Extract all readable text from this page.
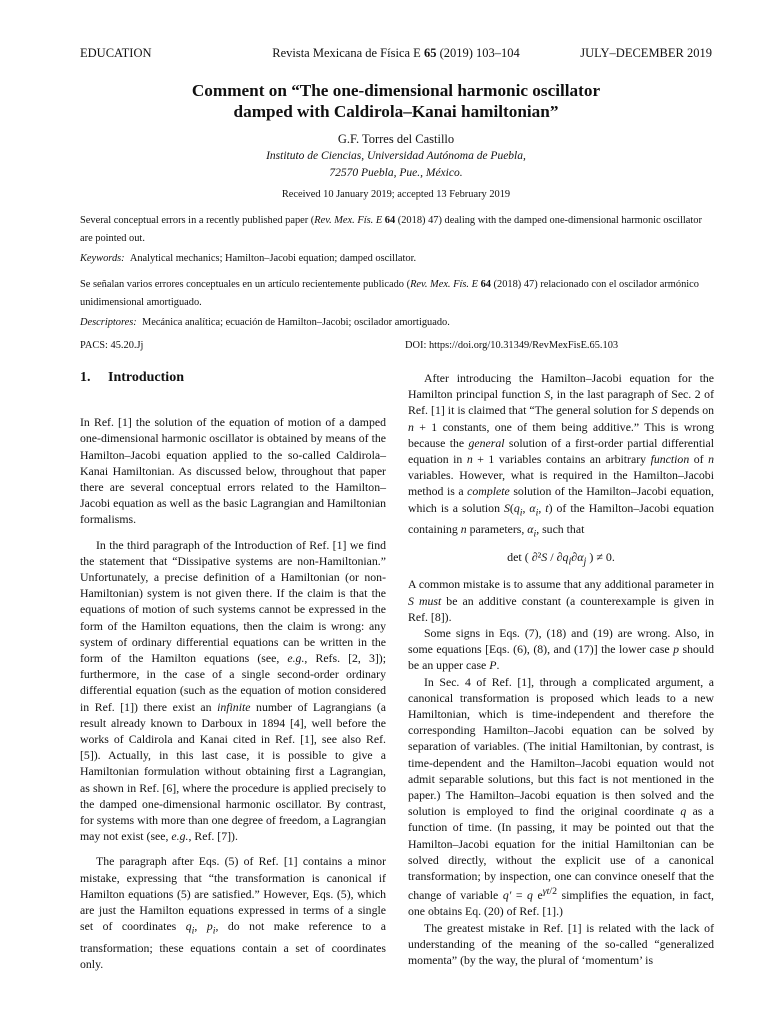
EDUCATION	Revista Mexicana de Física E 65 (2019) 103–104	JULY–DECEMBER 2019
Comment on “The one-dimensional harmonic oscillator
damped with Caldirola–Kanai hamiltonian”
G.F. Torres del Castillo
Instituto de Ciencias, Universidad Autónoma de Puebla,
72570 Puebla, Pue., México.
Received 10 January 2019; accepted 13 February 2019
Several conceptual errors in a recently published paper (Rev. Mex. Fís. E 64 (2018) 47) dealing with the damped one-dimensional harmonic oscillator are pointed out.
Keywords: Analytical mechanics; Hamilton–Jacobi equation; damped oscillator.
Se señalan varios errores conceptuales en un artículo recientemente publicado (Rev. Mex. Fís. E 64 (2018) 47) relacionado con el oscilador armónico unidimensional amortiguado.
Descriptores: Mecánica analítica; ecuación de Hamilton–Jacobi; oscilador amortiguado.
PACS: 45.20.Jj	DOI: https://doi.org/10.31349/RevMexFisE.65.103
1. Introduction

In Ref. [1] the solution of the equation of motion of a damped one-dimensional harmonic oscillator is obtained by means of the Hamilton–Jacobi equation applied to the so-called Caldirola–Kanai Hamiltonian. As discussed below, throughout that paper there are several conceptual errors related to the Hamilton–Jacobi equation as well as the basic Lagrangian and Hamiltonian formalisms.

In the third paragraph of the Introduction of Ref. [1] we find the statement that “Dissipative systems are non-Hamiltonian.” Unfortunately, a precise definition of a Hamiltonian (or non-Hamiltonian) system is not given there. If the claim is that the equations of motion of such systems cannot be expressed in the form of the Hamilton equations, then the claim is wrong: any system of ordinary differential equations can be written in the form of the Hamilton equations (see, e.g., Refs. [2, 3]); furthermore, in the case of a single second-order ordinary differential equation (such as the equation of motion considered in Ref. [1]) there exist an infinite number of Lagrangians (a result already known to Darboux in 1894 [4], well before the works of Caldirola and Kanai cited in Ref. [1], see also Ref. [5]). Actually, in this last case, it is possible to give a Hamiltonian formulation without obtaining first a Lagrangian, as shown in Ref. [6], where the procedure is applied precisely to the damped one-dimensional harmonic oscillator. By contrast, for systems with more than one degree of freedom, a Lagrangian may not exist (see, e.g., Ref. [7]).

The paragraph after Eqs. (5) of Ref. [1] contains a minor mistake, expressing that “the transformation is canonical if Hamilton equations (5) are satisfied.” However, Eqs. (5), which are just the Hamilton equations expressed in terms of a single set of coordinates $q_i$, $p_i$, do not make reference to a transformation; these equations contain a set of coordinates only.

After introducing the Hamilton–Jacobi equation for the Hamilton principal function S, in the last paragraph of Sec. 2 of Ref. [1] it is claimed that “The general solution for S depends on n + 1 constants, one of them being additive.” This is wrong because the general solution of a first-order partial differential equation in n + 1 variables contains an arbitrary function of n variables. However, what is required in the Hamilton–Jacobi method is a complete solution of the Hamilton–Jacobi equation, which is a solution $S(q_i$, $\alpha_i$, t) of the Hamilton–Jacobi equation containing n parameters, $\alpha_i$, such that

det ( $\partial^2S / \partial q_i\partial\alpha_j$ ) ≠ 0.

A common mistake is to assume that any additional parameter in S must be an additive constant (a counterexample is given in Ref. [8]).

Some signs in Eqs. (7), (18) and (19) are wrong. Also, in some equations [Eqs. (6), (8), and (17)] the lower case p should be an upper case P.

In Sec. 4 of Ref. [1], through a complicated argument, a canonical transformation is proposed which leads to a new Hamiltonian, which is time-independent and therefore the corresponding Hamilton–Jacobi equation can be solved by separation of variables. (The initial Hamiltonian, by contrast, is time-dependent and the Hamilton–Jacobi equation would not admit separable solutions, but this fact is not mentioned in the paper.) The Hamilton–Jacobi equation is then solved and the solution is employed to find the original coordinate q as a function of time. (In passing, it may be pointed out that the Hamilton–Jacobi equation for the initial Hamiltonian can be solved directly, without the explicit use of a canonical transformation; by inspection, one can convince oneself that the change of variable q′ = q $e^{\gamma t/2}$ simplifies the equation, in fact, one obtains Eq. (20) of Ref. [1].)

The greatest mistake in Ref. [1] is related with the lack of understanding of the meaning of the so-called “generalized momenta” (by the way, the plural of ‘momentum’ is
